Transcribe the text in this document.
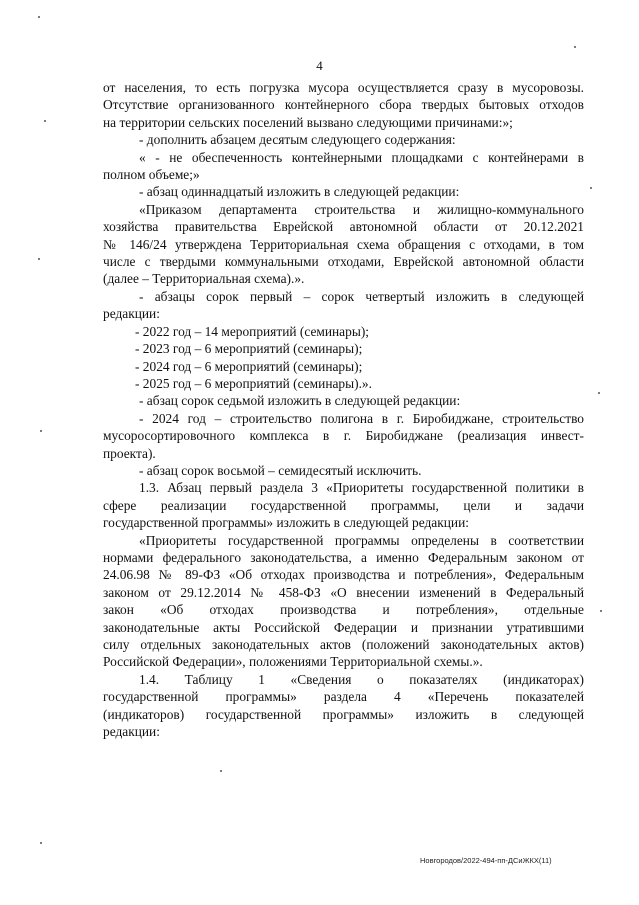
4
от населения, то есть погрузка мусора осуществляется сразу в мусоровозы.
Отсутствие организованного контейнерного сбора твердых бытовых отходов
на территории сельских поселений вызвано следующими причинами:»;
- дополнить абзацем десятым следующего содержания:
« - не обеспеченность контейнерными площадками с контейнерами в
полном объеме;»
- абзац одиннадцатый изложить в следующей редакции:
«Приказом департамента строительства и жилищно-коммунального
хозяйства правительства Еврейской автономной области от 20.12.2021
№ 146/24 утверждена Территориальная схема обращения с отходами, в том
числе с твердыми коммунальными отходами, Еврейской автономной области
(далее – Территориальная схема).».
- абзацы сорок первый – сорок четвертый изложить в следующей
редакции:
- 2022 год – 14 мероприятий (семинары);
- 2023 год – 6 мероприятий (семинары);
- 2024 год – 6 мероприятий (семинары);
- 2025 год – 6 мероприятий (семинары).».
- абзац сорок седьмой изложить в следующей редакции:
- 2024 год – строительство полигона в г. Биробиджане, строительство
мусоросортировочного комплекса в г. Биробиджане (реализация инвест-
проекта).
- абзац сорок восьмой – семидесятый исключить.
1.3. Абзац первый раздела 3 «Приоритеты государственной политики в
сфере реализации государственной программы, цели и задачи
государственной программы» изложить в следующей редакции:
«Приоритеты государственной программы определены в соответствии
нормами федерального законодательства, а именно Федеральным законом от
24.06.98 № 89-ФЗ «Об отходах производства и потребления», Федеральным
законом от 29.12.2014 № 458-ФЗ «О внесении изменений в Федеральный
закон «Об отходах производства и потребления», отдельные
законодательные акты Российской Федерации и признании утратившими
силу отдельных законодательных актов (положений законодательных актов)
Российской Федерации», положениями Территориальной схемы.».
1.4. Таблицу 1 «Сведения о показателях (индикаторах)
государственной программы» раздела 4 «Перечень показателей
(индикаторов) государственной программы» изложить в следующей
редакции:
Новгородов/2022-494-пп-ДСиЖКХ(11)
